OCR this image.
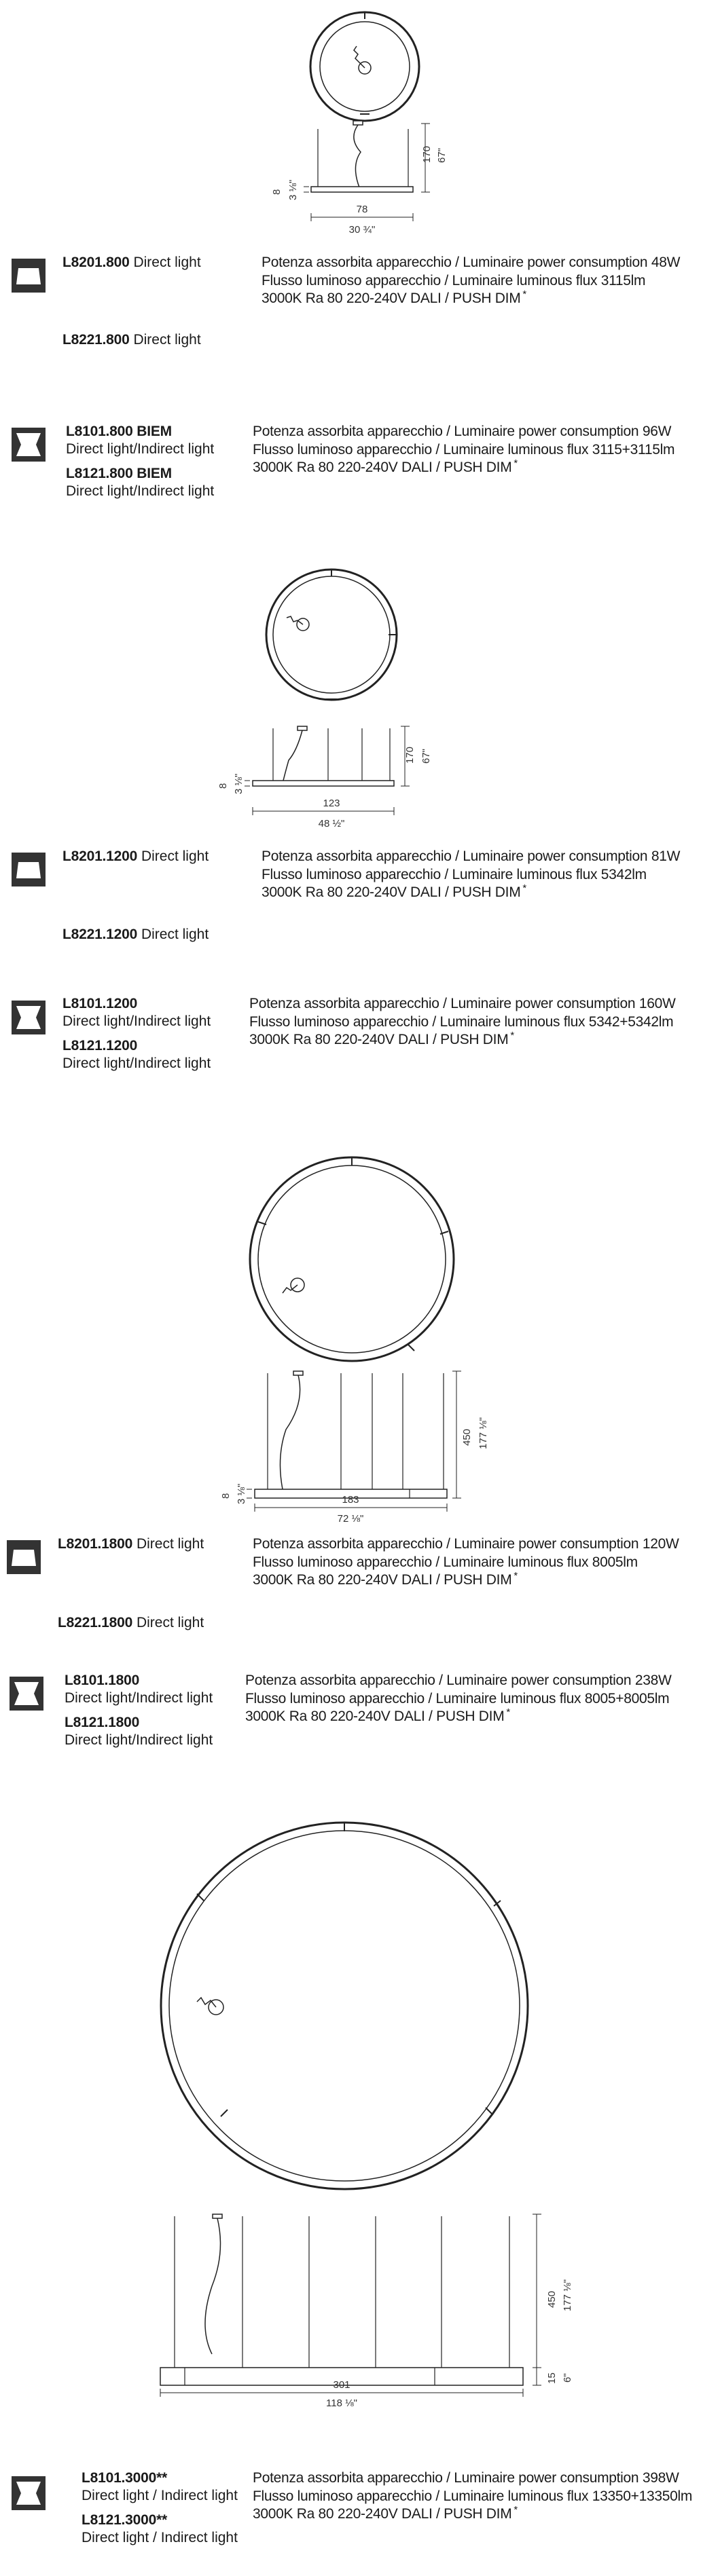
170 67"
8 3 ⅛"
78
30 ¾"
L8201.800 Direct light
L8221.800 Direct light
Potenza assorbita apparecchio / Luminaire power consumption 48W
Flusso luminoso apparecchio / Luminaire luminous flux 3115lm
3000K Ra 80 220-240V DALI / PUSH DIM *
L8101.800 BIEM
Direct light/Indirect light
L8121.800 BIEM
Direct light/Indirect light
Potenza assorbita apparecchio / Luminaire power consumption 96W
Flusso luminoso apparecchio / Luminaire luminous flux 3115+3115lm
3000K Ra 80 220-240V DALI / PUSH DIM *
170 67"
8 3 ⅛"
123
48 ½"
L8201.1200 Direct light
L8221.1200 Direct light
Potenza assorbita apparecchio / Luminaire power consumption 81W
Flusso luminoso apparecchio / Luminaire luminous flux 5342lm
3000K Ra 80 220-240V DALI / PUSH DIM *
L8101.1200
Direct light/Indirect light
L8121.1200
Direct light/Indirect light
Potenza assorbita apparecchio / Luminaire power consumption 160W
Flusso luminoso apparecchio / Luminaire luminous flux 5342+5342lm
3000K Ra 80 220-240V DALI / PUSH DIM *
450 177 ⅛"
8 3 ⅛"	183
72 ⅛"
L8201.1800 Direct light
L8221.1800 Direct light
Potenza assorbita apparecchio / Luminaire power consumption 120W
Flusso luminoso apparecchio / Luminaire luminous flux 8005lm
3000K Ra 80 220-240V DALI / PUSH DIM *
L8101.1800
Direct light/Indirect light
L8121.1800
Direct light/Indirect light
Potenza assorbita apparecchio / Luminaire power consumption 238W
Flusso luminoso apparecchio / Luminaire luminous flux 8005+8005lm
3000K Ra 80 220-240V DALI / PUSH DIM *
450 177 ⅛"
15 6"
301
118 ⅛"
L8101.3000**
Direct light / Indirect light
L8121.3000**
Direct light / Indirect light
Potenza assorbita apparecchio / Luminaire power consumption 398W
Flusso luminoso apparecchio / Luminaire luminous flux 13350+13350lm
3000K Ra 80 220-240V DALI / PUSH DIM *
